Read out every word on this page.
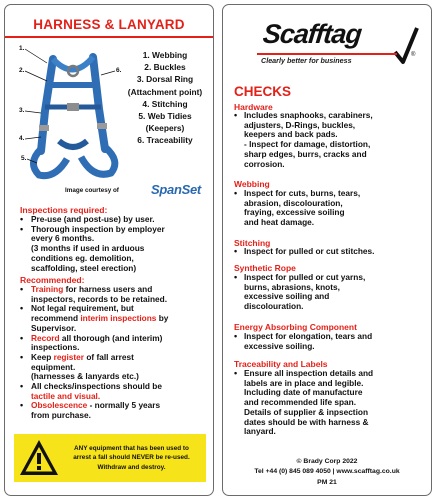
HARNESS & LANYARD
1.
2.
3.
4.
5.
6.
1. Webbing
2. Buckles
3. Dorsal Ring
(Attachment point)
4. Stitching
5. Web Tidies
(Keepers)
6. Traceability
Image courtesy of SpanSet
Inspections required:
• Pre-use (and post-use) by user.
• Thorough inspection by employer
every 6 months.
(3 months if used in arduous
conditions eg. demolition,
scaffolding, steel erection)
Recommended:
• Training for harness users and
inspectors, records to be retained.
• Not legal requirement, but
recommend interim inspections by
Supervisor.
• Record all thorough (and interim)
inspections.
• Keep register of fall arrest
equipment.
(harnesses & lanyards etc.)
• All checks/inspections should be
tactile and visual.
• Obsolescence - normally 5 years
from purchase.
ANY equipment that has been used to
arrest a fall should NEVER be re-used.
Withdraw and destroy.
Scafftag
®
Clearly better for business
CHECKS
Hardware
• Includes snaphooks, carabiners,
adjusters, D-Rings, buckles,
keepers and back pads.
- Inspect for damage, distortion,
sharp edges, burrs, cracks and
corrosion.
Webbing
• Inspect for cuts, burns, tears,
abrasion, discolouration,
fraying, excessive soiling
and heat damage.
Stitching
• Inspect for pulled or cut stitches.
Synthetic Rope
• Inspect for pulled or cut yarns,
burns, abrasions, knots,
excessive soiling and
discolouration.
Energy Absorbing Component
• Inspect for elongation, tears and
excessive soiling.
Traceability and Labels
• Ensure all inspection details and
labels are in place and legible.
Including date of manufacture
and recommended life span.
Details of supplier & inpsection
dates should be with harness &
lanyard.
© Brady Corp 2022
Tel +44 (0) 845 089 4050 | www.scafftag.co.uk
PM 21
